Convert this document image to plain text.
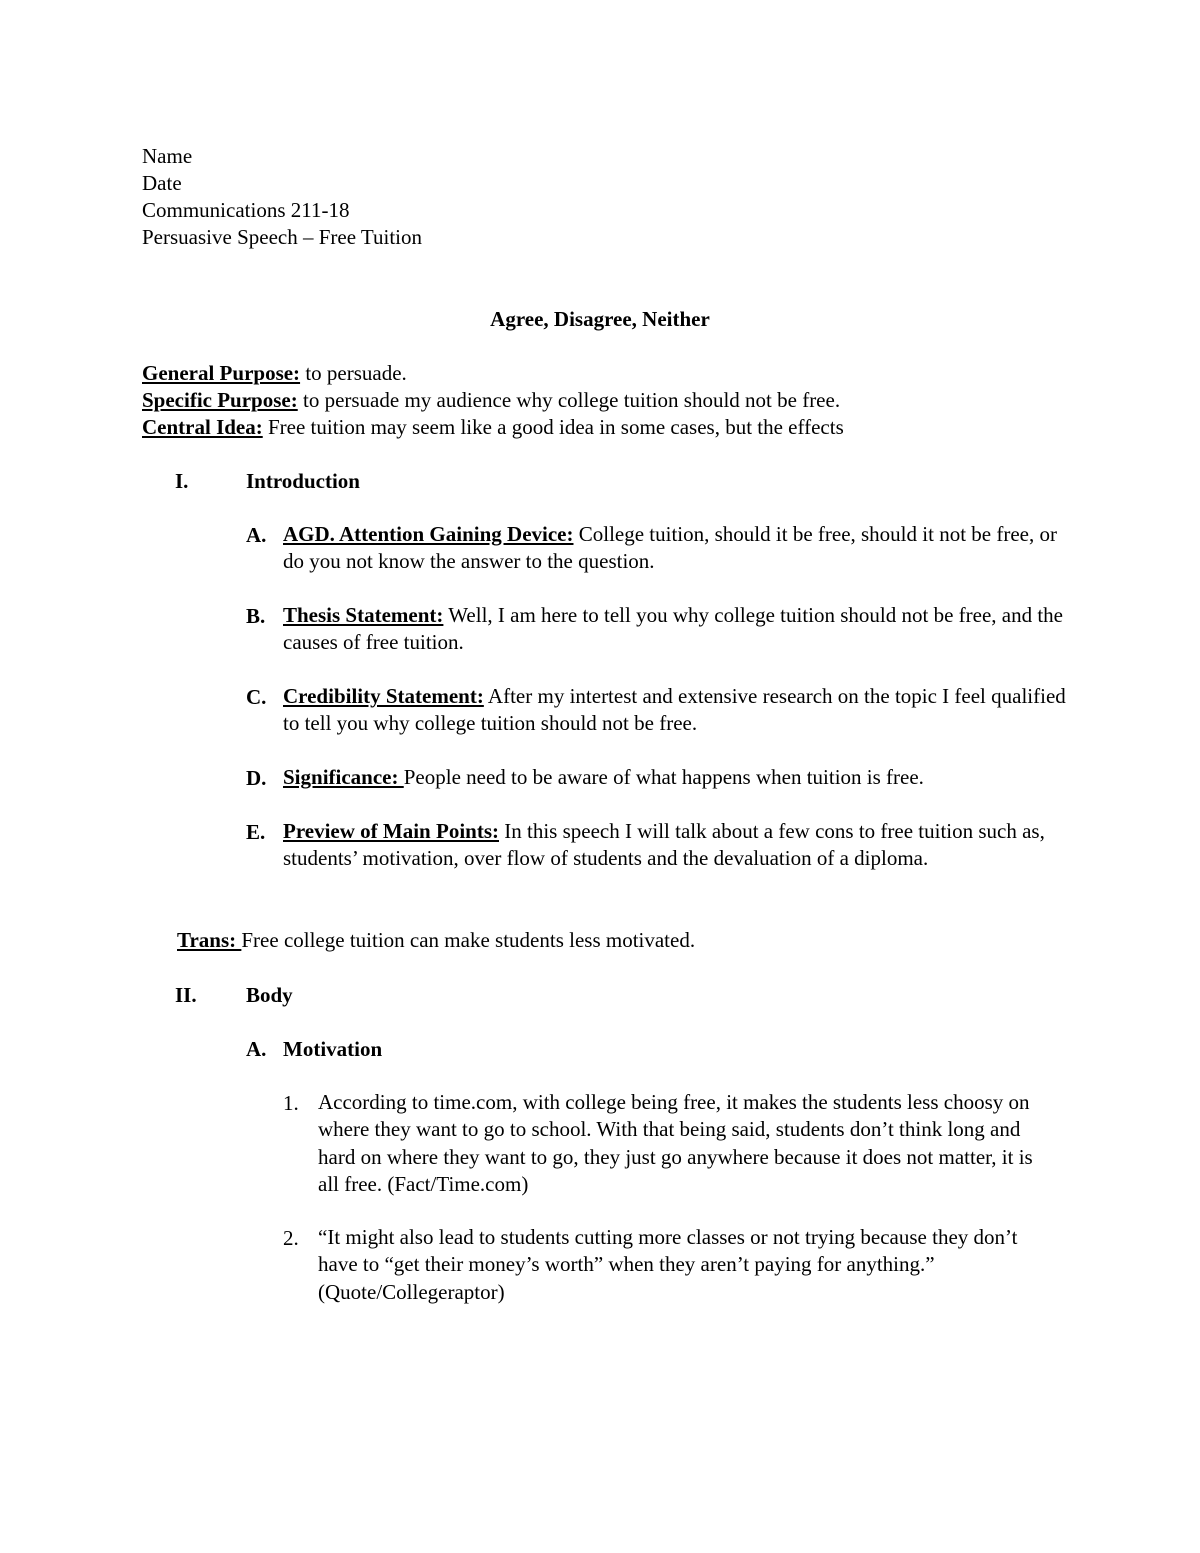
Name
Date
Communications 211-18
Persuasive Speech – Free Tuition
Agree, Disagree, Neither
General Purpose: to persuade.
Specific Purpose: to persuade my audience why college tuition should not be free.
Central Idea: Free tuition may seem like a good idea in some cases, but the effects
I.	Introduction
A. AGD. Attention Gaining Device: College tuition, should it be free, should it not be free, or do you not know the answer to the question.
B. Thesis Statement: Well, I am here to tell you why college tuition should not be free, and the causes of free tuition.
C. Credibility Statement: After my intertest and extensive research on the topic I feel qualified to tell you why college tuition should not be free.
D. Significance: People need to be aware of what happens when tuition is free.
E. Preview of Main Points: In this speech I will talk about a few cons to free tuition such as, students’ motivation, over flow of students and the devaluation of a diploma.
Trans: Free college tuition can make students less motivated.
II. Body
A. Motivation
1. According to time.com, with college being free, it makes the students less choosy on where they want to go to school. With that being said, students don’t think long and hard on where they want to go, they just go anywhere because it does not matter, it is all free. (Fact/Time.com)
2. “It might also lead to students cutting more classes or not trying because they don’t have to “get their money’s worth” when they aren’t paying for anything.” (Quote/Collegeraptor)
